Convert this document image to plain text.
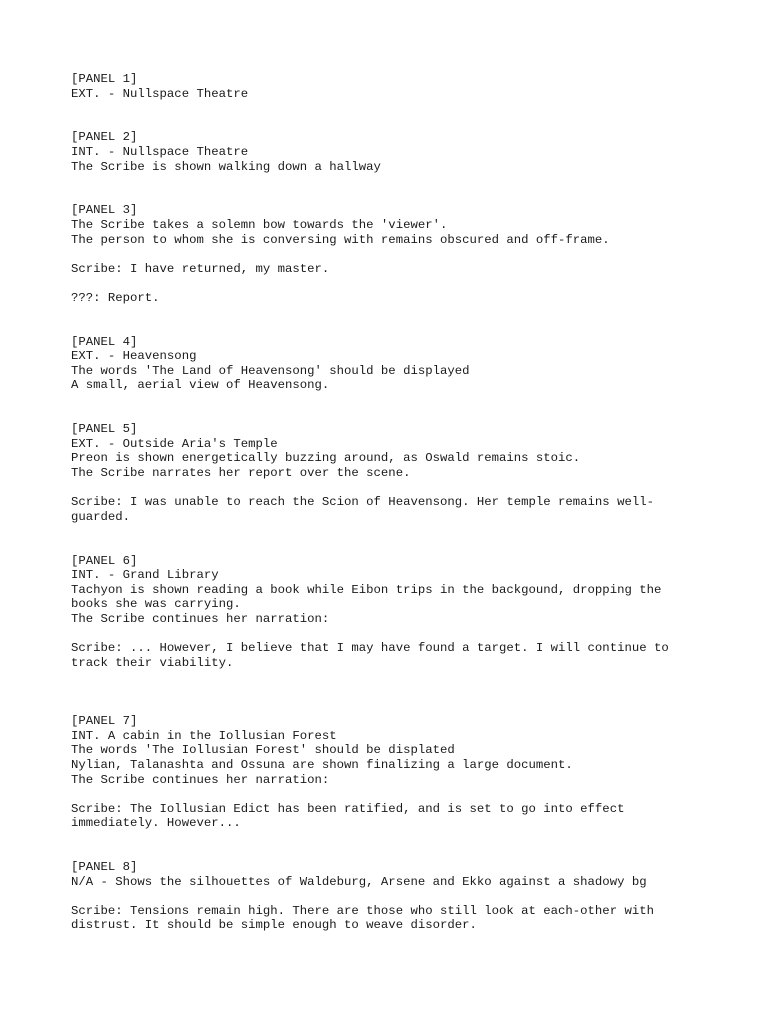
[PANEL 1]
EXT. - Nullspace Theatre
[PANEL 2]
INT. - Nullspace Theatre
The Scribe is shown walking down a hallway
[PANEL 3]
The Scribe takes a solemn bow towards the 'viewer'.
The person to whom she is conversing with remains obscured and off-frame.
Scribe: I have returned, my master.
???: Report.
[PANEL 4]
EXT. - Heavensong
The words 'The Land of Heavensong' should be displayed
A small, aerial view of Heavensong.
[PANEL 5]
EXT. - Outside Aria's Temple
Preon is shown energetically buzzing around, as Oswald remains stoic.
The Scribe narrates her report over the scene.
Scribe: I was unable to reach the Scion of Heavensong. Her temple remains well-
guarded.
[PANEL 6]
INT. - Grand Library
Tachyon is shown reading a book while Eibon trips in the backgound, dropping the
books she was carrying.
The Scribe continues her narration:
Scribe: ... However, I believe that I may have found a target. I will continue to
track their viability.
[PANEL 7]
INT. A cabin in the Iollusian Forest
The words 'The Iollusian Forest' should be displated
Nylian, Talanashta and Ossuna are shown finalizing a large document.
The Scribe continues her narration:
Scribe: The Iollusian Edict has been ratified, and is set to go into effect
immediately. However...
[PANEL 8]
N/A - Shows the silhouettes of Waldeburg, Arsene and Ekko against a shadowy bg
Scribe: Tensions remain high. There are those who still look at each-other with
distrust. It should be simple enough to weave disorder.
